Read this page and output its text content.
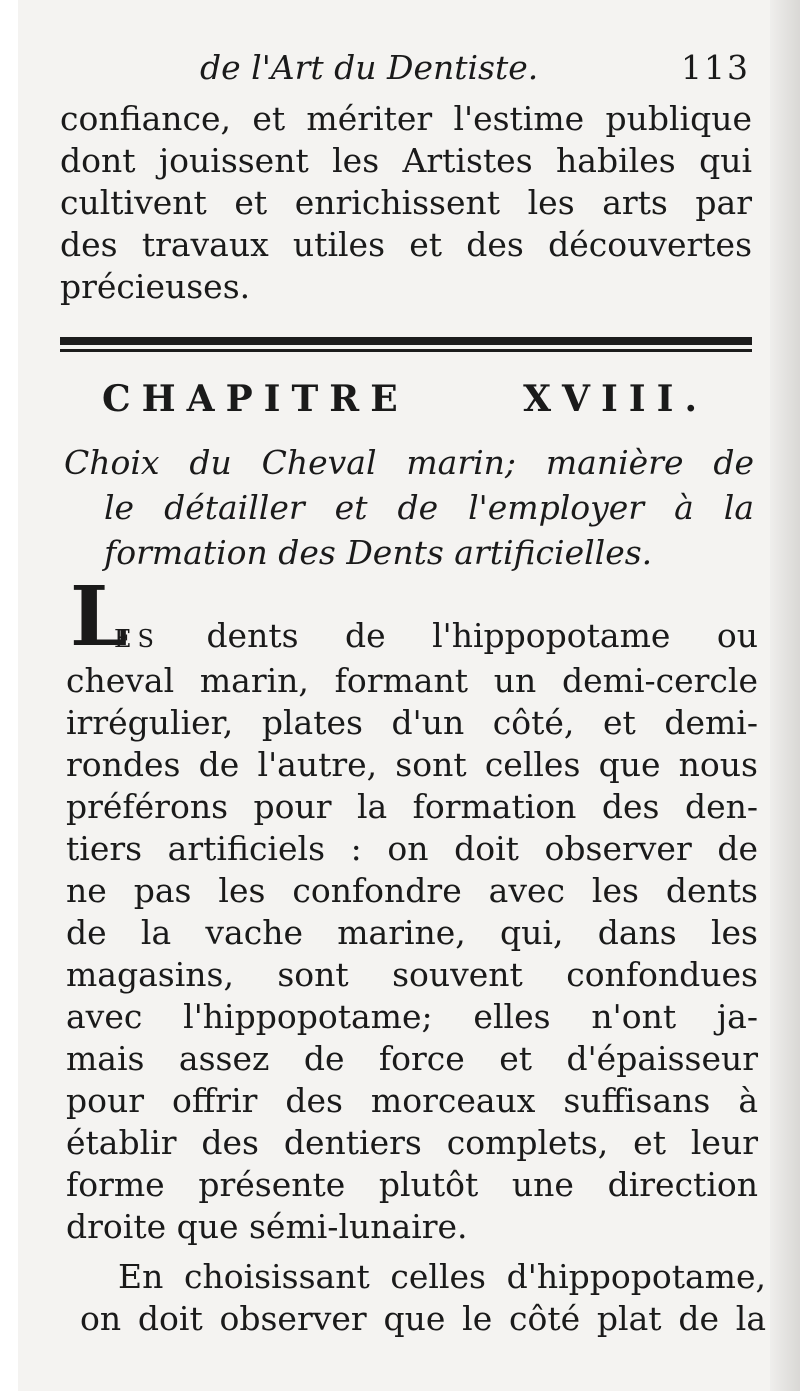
de l'Art du Dentiste.	113
confiance, et mériter l'estime publique
dont jouissent les Artistes habiles qui
cultivent et enrichissent les arts par
des travaux utiles et des découvertes
précieuses.
CHAPITRE XVIII.
Choix du Cheval marin; manière de
le détailler et de l'employer à la
formation des Dents artificielles.
L
ES dents de l'hippopotame ou
cheval marin, formant un demi-cercle
irrégulier, plates d'un côté, et demi-
rondes de l'autre, sont celles que nous
préférons pour la formation des den-
tiers artificiels : on doit observer de
ne pas les confondre avec les dents
de la vache marine, qui, dans les
magasins, sont souvent confondues
avec l'hippopotame; elles n'ont ja-
mais assez de force et d'épaisseur
pour offrir des morceaux suffisans à
établir des dentiers complets, et leur
forme présente plutôt une direction
droite que sémi-lunaire.
En choisissant celles d'hippopotame,
on doit observer que le côté plat de la
